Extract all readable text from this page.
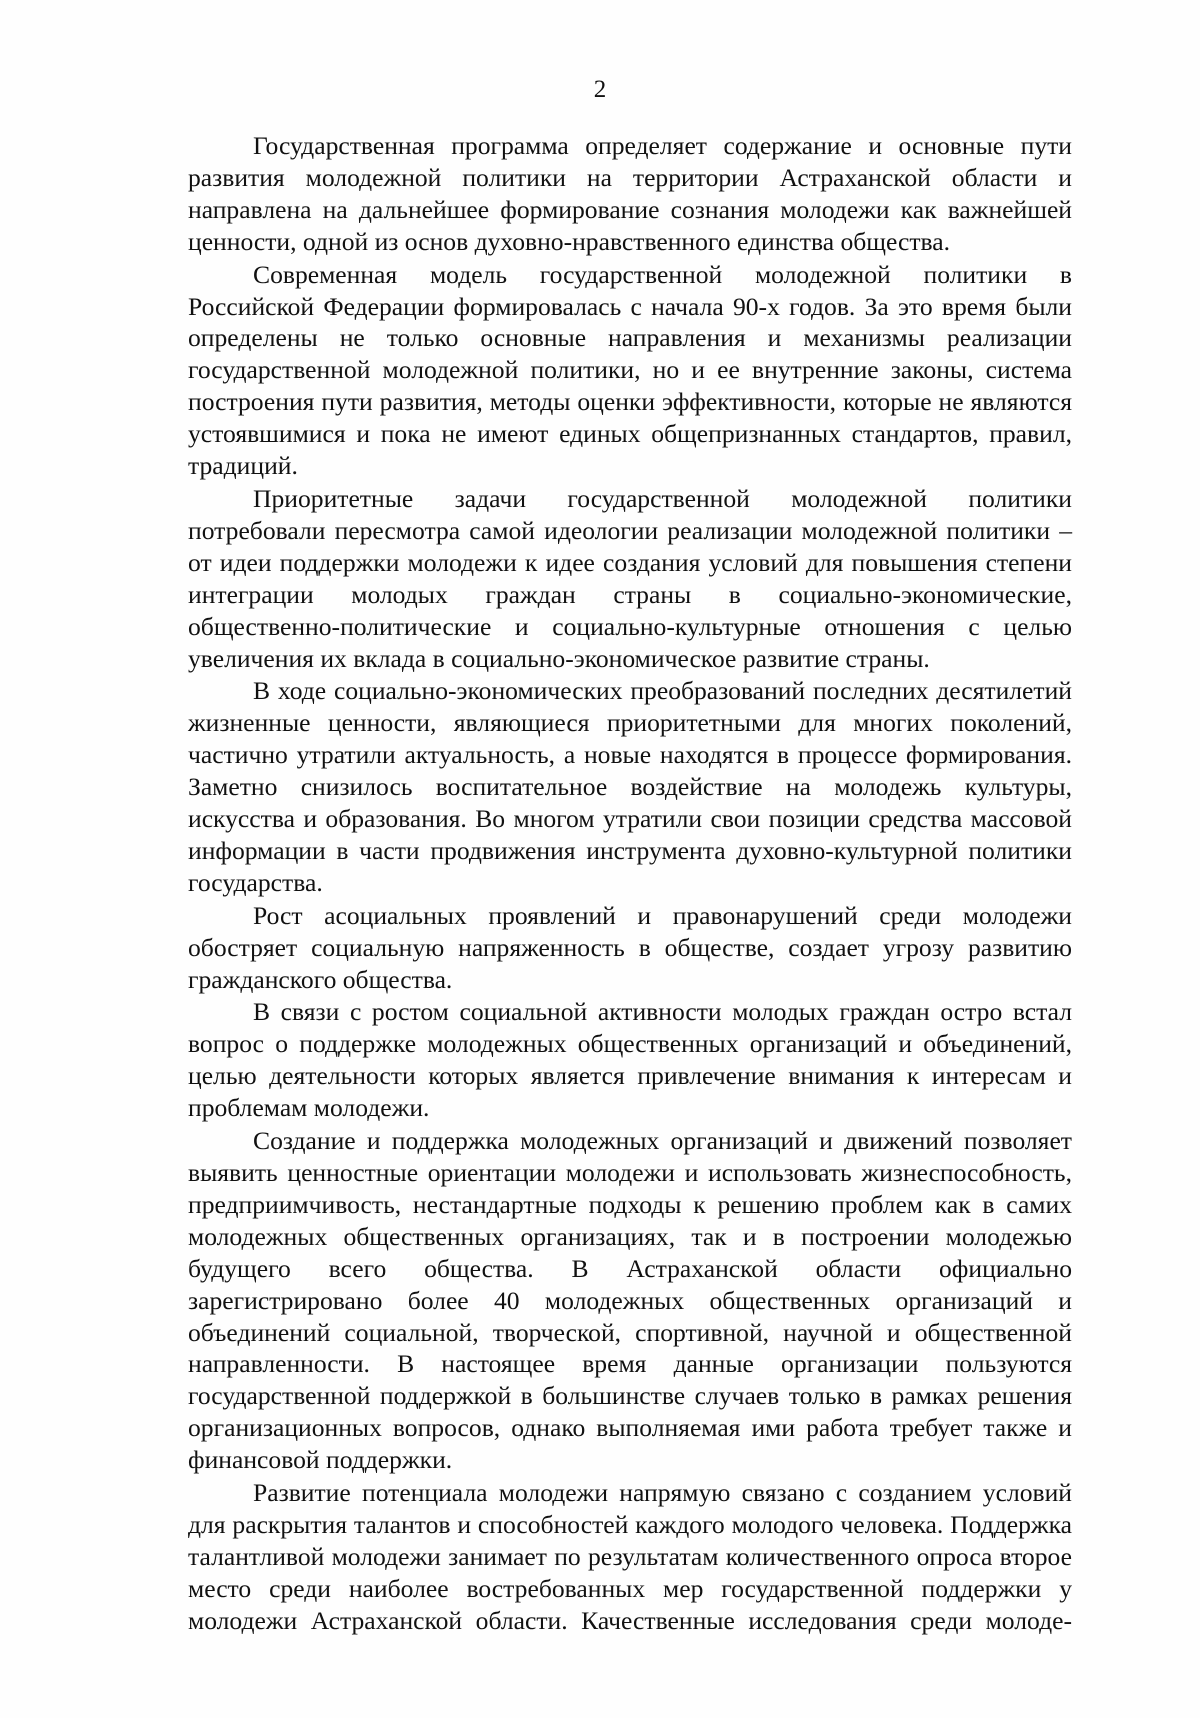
2

Государственная программа определяет содержание и основные пути развития молодежной политики на территории Астраханской области и направлена на дальнейшее формирование сознания молодежи как важнейшей ценности, одной из основ духовно-нравственного единства общества.

Современная модель государственной молодежной политики в Российской Федерации формировалась с начала 90-х годов. За это время были определены не только основные направления и механизмы реализации государственной молодежной политики, но и ее внутренние законы, система построения пути развития, методы оценки эффективности, которые не являются устоявшимися и пока не имеют единых общепризнанных стандартов, правил, традиций.

Приоритетные задачи государственной молодежной политики потребовали пересмотра самой идеологии реализации молодежной политики – от идеи поддержки молодежи к идее создания условий для повышения степени интеграции молодых граждан страны в социально-экономические, общественно-политические и социально-культурные отношения с целью увеличения их вклада в социально-экономическое развитие страны.

В ходе социально-экономических преобразований последних десятилетий жизненные ценности, являющиеся приоритетными для многих поколений, частично утратили актуальность, а новые находятся в процессе формирования. Заметно снизилось воспитательное воздействие на молодежь культуры, искусства и образования. Во многом утратили свои позиции средства массовой информации в части продвижения инструмента духовно-культурной политики государства.

Рост асоциальных проявлений и правонарушений среди молодежи обостряет социальную напряженность в обществе, создает угрозу развитию гражданского общества.

В связи с ростом социальной активности молодых граждан остро встал вопрос о поддержке молодежных общественных организаций и объединений, целью деятельности которых является привлечение внимания к интересам и проблемам молодежи.

Создание и поддержка молодежных организаций и движений позволяет выявить ценностные ориентации молодежи и использовать жизнеспособность, предприимчивость, нестандартные подходы к решению проблем как в самих молодежных общественных организациях, так и в построении молодежью будущего всего общества. В Астраханской области официально зарегистрировано более 40 молодежных общественных организаций и объединений социальной, творческой, спортивной, научной и общественной направленности. В настоящее время данные организации пользуются государственной поддержкой в большинстве случаев только в рамках решения организационных вопросов, однако выполняемая ими работа требует также и финансовой поддержки.

Развитие потенциала молодежи напрямую связано с созданием условий для раскрытия талантов и способностей каждого молодого человека. Поддержка талантливой молодежи занимает по результатам количественного опроса второе место среди наиболее востребованных мер государственной поддержки у молодежи Астраханской области. Качественные исследования среди молоде-
